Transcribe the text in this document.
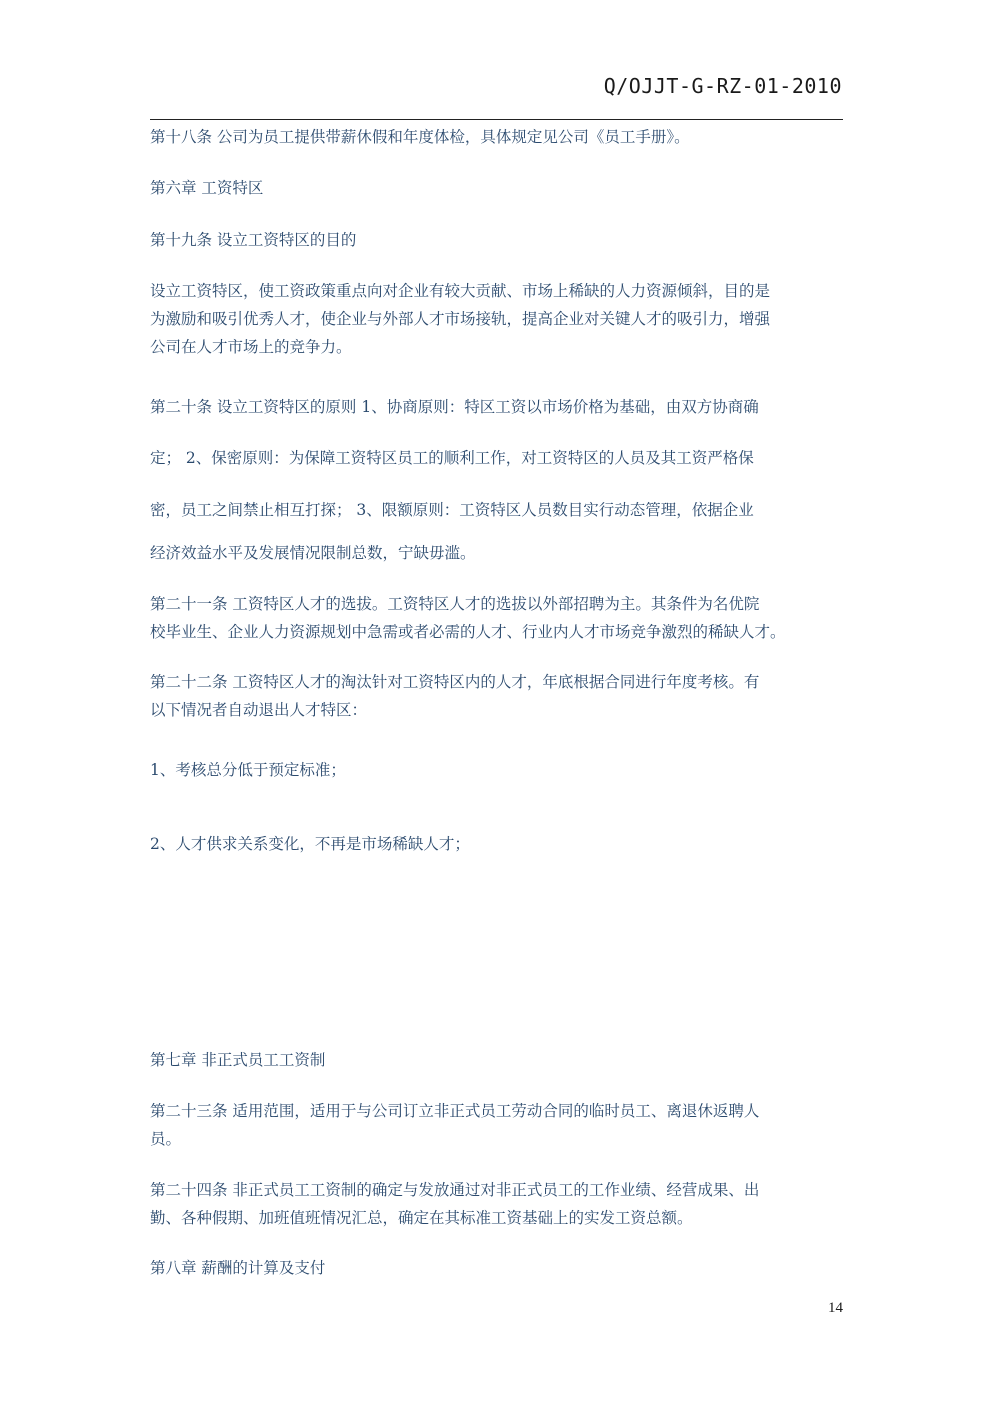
Q/OJJT-G-RZ-01-2010
第十八条 公司为员工提供带薪休假和年度体检，具体规定见公司《员工手册》。
第六章 工资特区
第十九条 设立工资特区的目的
设立工资特区，使工资政策重点向对企业有较大贡献、市场上稀缺的人力资源倾斜，目的是
为激励和吸引优秀人才，使企业与外部人才市场接轨，提高企业对关键人才的吸引力，增强
公司在人才市场上的竞争力。
第二十条 设立工资特区的原则 1、协商原则：特区工资以市场价格为基础，由双方协商确
定； 2、保密原则：为保障工资特区员工的顺利工作，对工资特区的人员及其工资严格保
密，员工之间禁止相互打探； 3、限额原则：工资特区人员数目实行动态管理，依据企业
经济效益水平及发展情况限制总数，宁缺毋滥。
第二十一条 工资特区人才的选拔。工资特区人才的选拔以外部招聘为主。其条件为名优院
校毕业生、企业人力资源规划中急需或者必需的人才、行业内人才市场竞争激烈的稀缺人才。
第二十二条 工资特区人才的淘汰针对工资特区内的人才，年底根据合同进行年度考核。有
以下情况者自动退出人才特区：
1、考核总分低于预定标准；
2、人才供求关系变化，不再是市场稀缺人才；
第七章 非正式员工工资制
第二十三条 适用范围，适用于与公司订立非正式员工劳动合同的临时员工、离退休返聘人
员。
第二十四条 非正式员工工资制的确定与发放通过对非正式员工的工作业绩、经营成果、出
勤、各种假期、加班值班情况汇总，确定在其标准工资基础上的实发工资总额。
第八章 薪酬的计算及支付
14
